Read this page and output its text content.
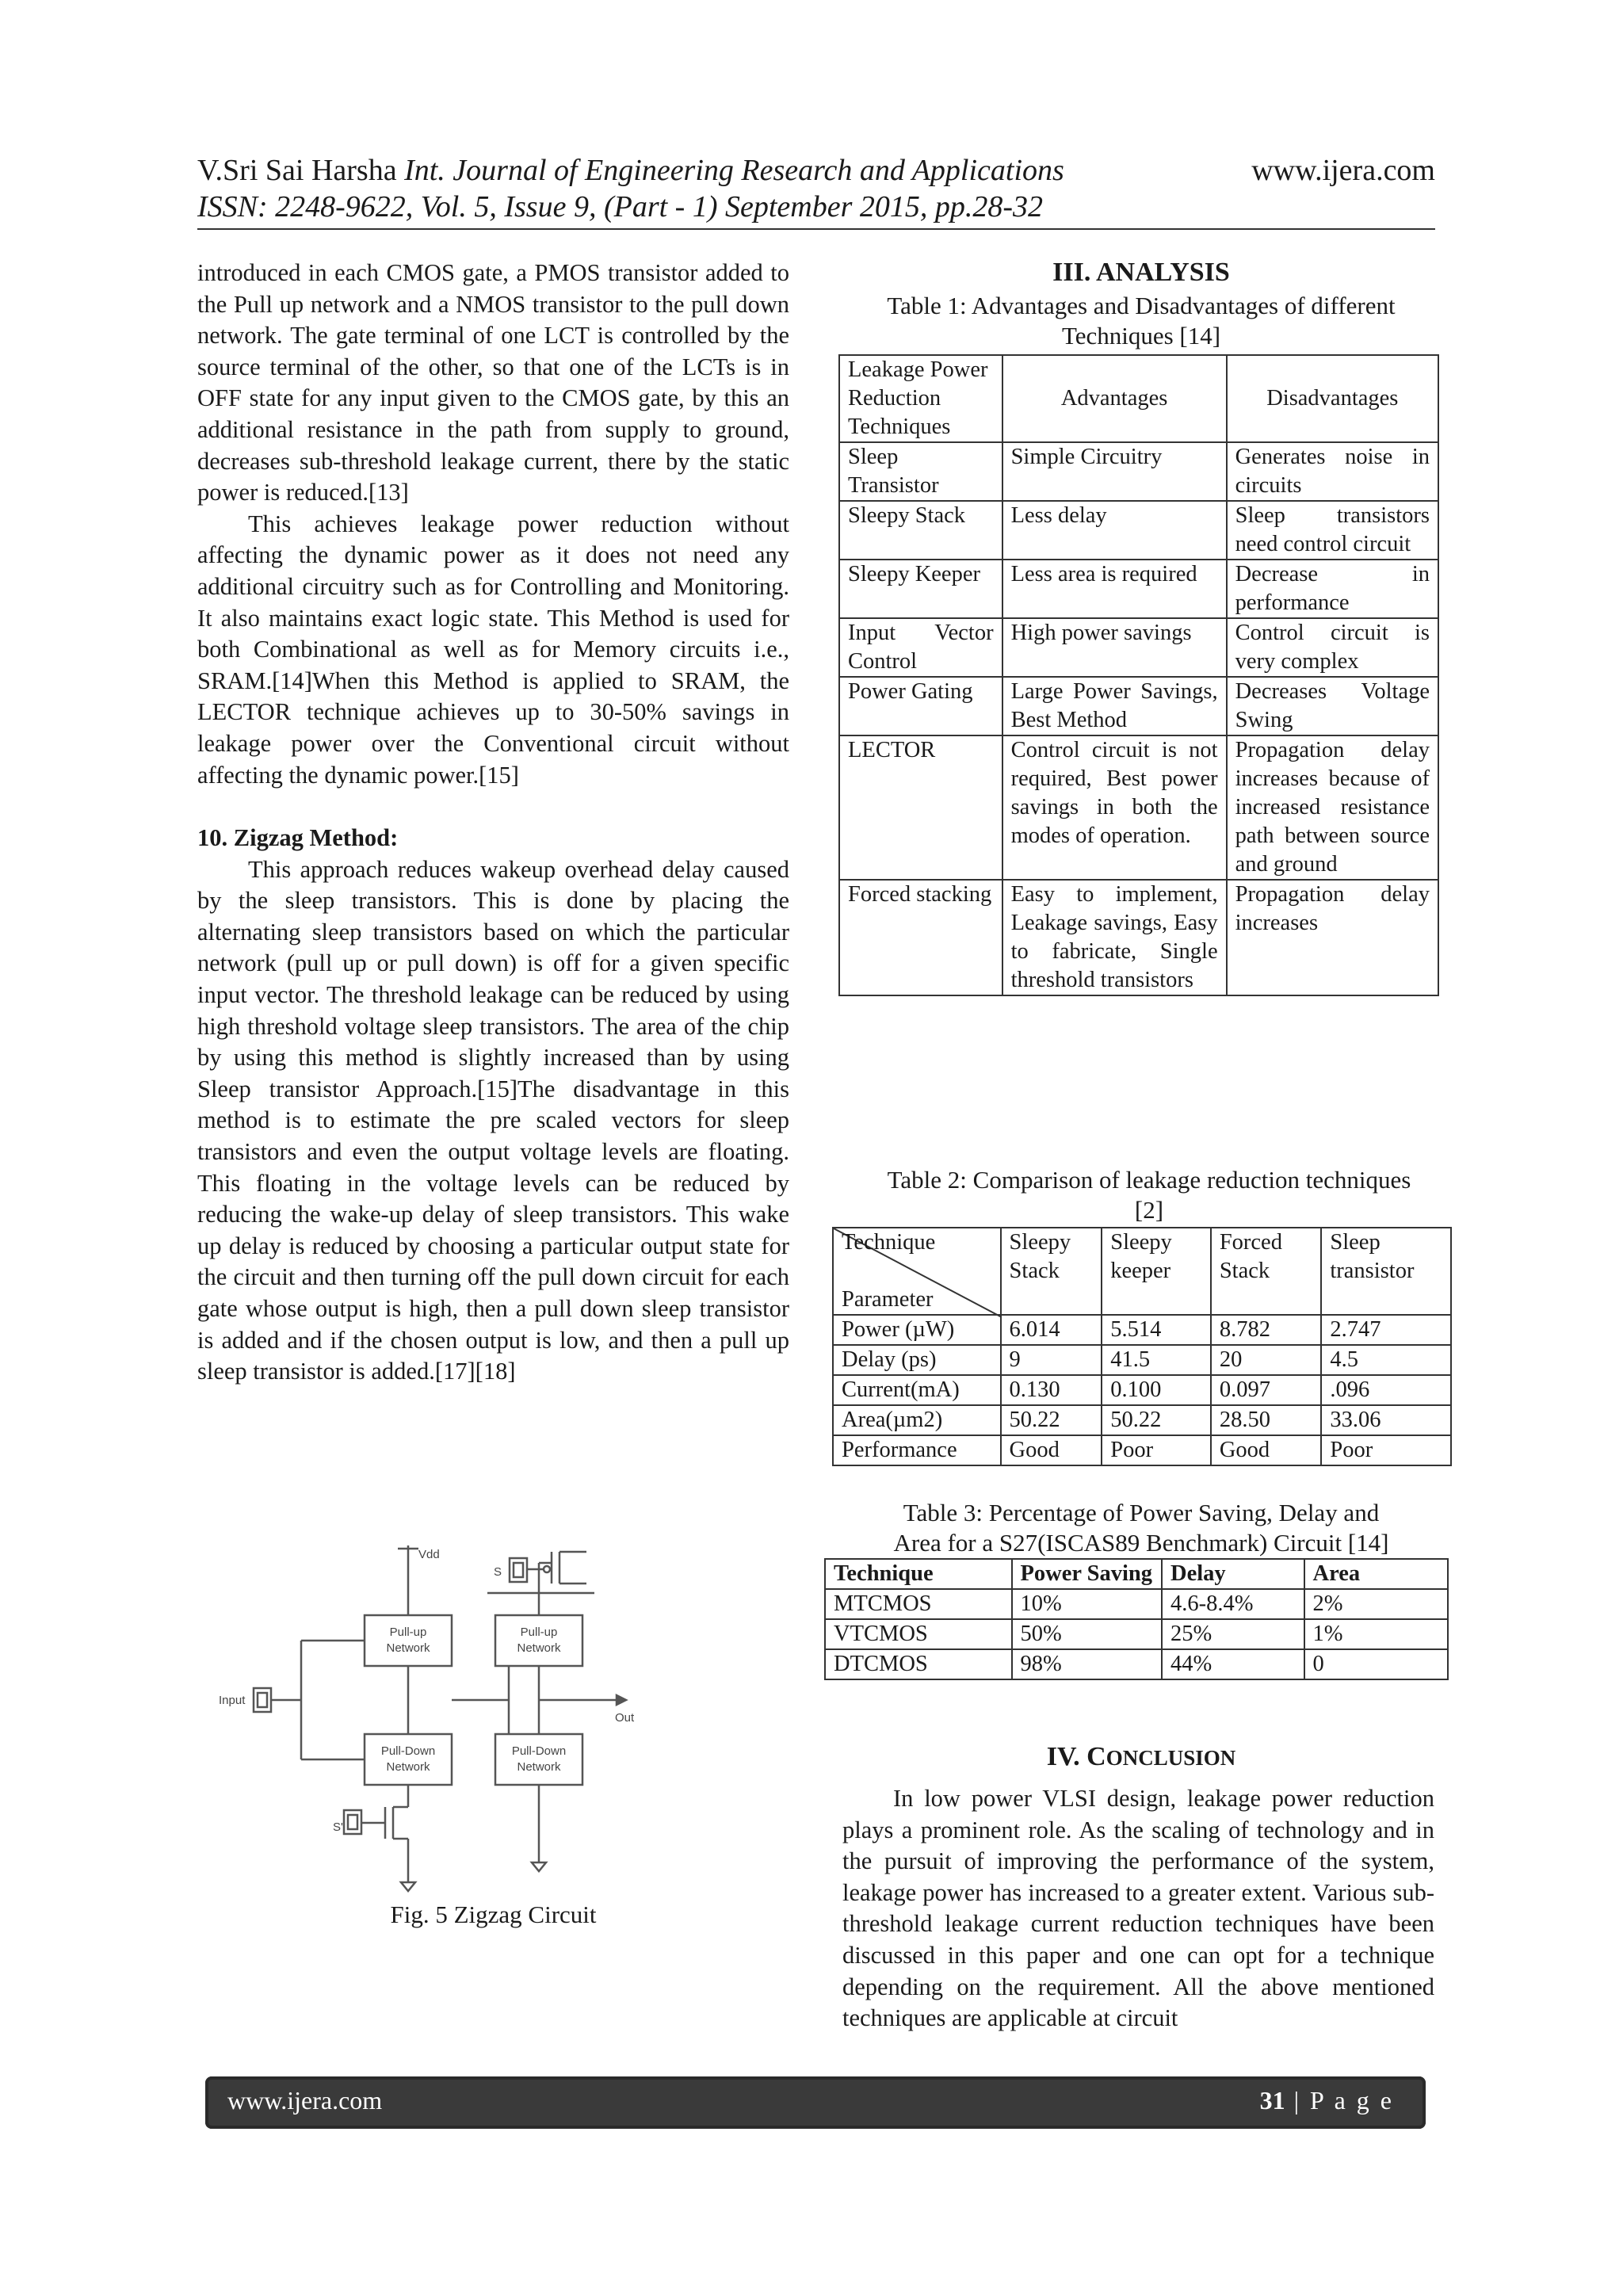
V.Sri Sai Harsha Int. Journal of Engineering Research and Applications	www.ijera.com
ISSN: 2248-9622, Vol. 5, Issue 9, (Part - 1) September 2015, pp.28-32

introduced in each CMOS gate, a PMOS transistor added to the Pull up network and a NMOS transistor to the pull down network. The gate terminal of one LCT is controlled by the source terminal of the other, so that one of the LCTs is in OFF state for any input given to the CMOS gate, by this an additional resistance in the path from supply to ground, decreases sub-threshold leakage current, there by the static power is reduced.[13]

This achieves leakage power reduction without affecting the dynamic power as it does not need any additional circuitry such as for Controlling and Monitoring. It also maintains exact logic state. This Method is used for both Combinational as well as for Memory circuits i.e., SRAM.[14]When this Method is applied to SRAM, the LECTOR technique achieves up to 30-50% savings in leakage power over the Conventional circuit without affecting the dynamic power.[15]

10. Zigzag Method:

This approach reduces wakeup overhead delay caused by the sleep transistors. This is done by placing the alternating sleep transistors based on which the particular network (pull up or pull down) is off for a given specific input vector. The threshold leakage can be reduced by using high threshold voltage sleep transistors. The area of the chip by using this method is slightly increased than by using Sleep transistor Approach.[15]The disadvantage in this method is to estimate the pre scaled vectors for sleep transistors and even the output voltage levels are floating. This floating in the voltage levels can be reduced by reducing the wake-up delay of sleep transistors. This wake up delay is reduced by choosing a particular output state for the circuit and then turning off the pull down circuit for each gate whose output is high, then a pull down sleep transistor is added and if the chosen output is low, and then a pull up sleep transistor is added.[17][18]

Vdd
S
S'
Pull-up
Network
Pull-up
Network
Pull-Down
Network
Pull-Down
Network
Input
Out
Fig. 5 Zigzag Circuit
III. ANALYSIS
Table 1: Advantages and Disadvantages of different
Techniques [14]
Leakage Power Reduction Techniques	Advantages	Disadvantages
Sleep Transistor	Simple Circuitry	Generates noise in circuits
Sleepy Stack	Less delay	Sleep transistors need control circuit
Sleepy Keeper	Less area is required	Decrease in performance
Input Vector Control	High power savings	Control circuit is very complex
Power Gating	Large Power Savings, Best Method	Decreases Voltage Swing
LECTOR	Control circuit is not required, Best power savings in both the modes of operation.	Propagation delay increases because of increased resistance path between source and ground
Forced stacking	Easy to implement, Leakage savings, Easy to fabricate, Single threshold transistors	Propagation delay increases
Table 2: Comparison of leakage reduction techniques
[2]
Technique
Parameter	Sleepy Stack	Sleepy keeper	Forced Stack	Sleep transistor
Power (µW)	6.014	5.514	8.782	2.747
Delay (ps)	9	41.5	20	4.5
Current(mA)	0.130	0.100	0.097	.096
Area(µm2)	50.22	50.22	28.50	33.06
Performance	Good	Poor	Good	Poor
Table 3: Percentage of Power Saving, Delay and
Area for a S27(ISCAS89 Benchmark) Circuit [14]
Technique	Power Saving	Delay	Area
MTCMOS	10%	4.6-8.4%	2%
VTCMOS	50%	25%	1%
DTCMOS	98%	44%	0
IV. CONCLUSION

In low power VLSI design, leakage power reduction plays a prominent role. As the scaling of technology and in the pursuit of improving the performance of the system, leakage power has increased to a greater extent. Various sub-threshold leakage current reduction techniques have been discussed in this paper and one can opt for a technique depending on the requirement. All the above mentioned techniques are applicable at circuit

www.ijera.com	31 | P a g e
